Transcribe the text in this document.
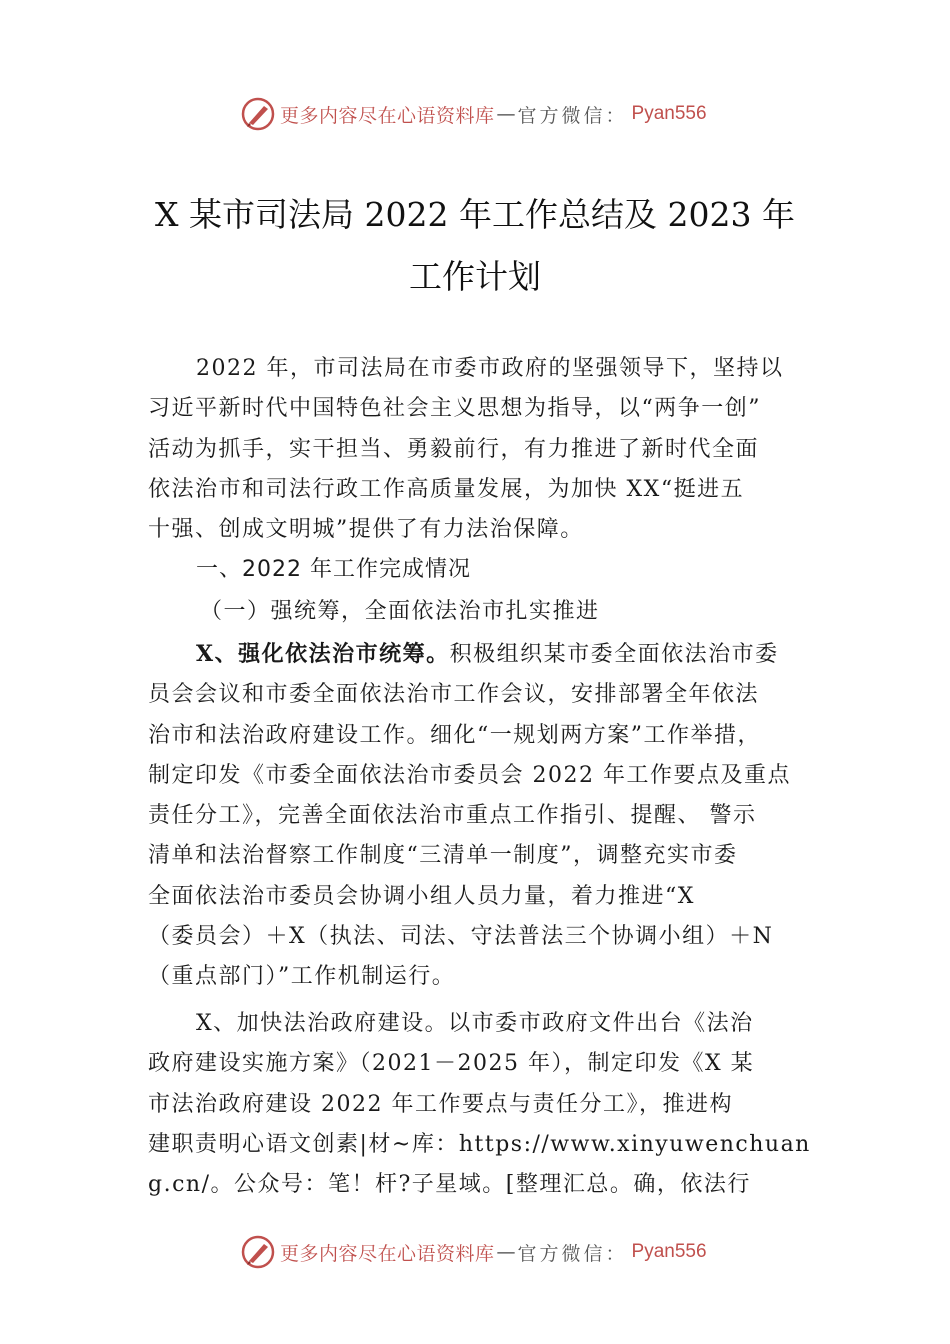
更多内容尽在心语资料库 — 官方微信： Pyan556
X 某市司法局 2022 年工作总结及 2023 年
工作计划
2022 年，市司法局在市委市政府的坚强领导下，坚持以
习近平新时代中国特色社会主义思想为指导，以“两争一创”
活动为抓手，实干担当、勇毅前行，有力推进了新时代全面
依法治市和司法行政工作高质量发展，为加快 XX“挺进五
十强、创成文明城”提供了有力法治保障。
一、2022 年工作完成情况
（一）强统筹，全面依法治市扎实推进
X、强化依法治市统筹。积极组织某市委全面依法治市委
员会会议和市委全面依法治市工作会议，安排部署全年依法
治市和法治政府建设工作。细化“一规划两方案”工作举措，
制定印发《市委全面依法治市委员会 2022 年工作要点及重点
责任分工》，完善全面依法治市重点工作指引、提醒、 警示
清单和法治督察工作制度“三清单一制度”，调整充实市委
全面依法治市委员会协调小组人员力量，着力推进“X
（委员会）＋X（执法、司法、守法普法三个协调小组）＋N
（重点部门）”工作机制运行。
X、加快法治政府建设。以市委市政府文件出台《法治
政府建设实施方案》（2021－2025 年），制定印发《X 某
市法治政府建设 2022 年工作要点与责任分工》，推进构
建职责明心语文创素|材~库：https://www.xinyuwenchuan
g.cn/。公众号：笔！杆?子星域。[整理汇总。确，依法行
更多内容尽在心语资料库 — 官方微信： Pyan556
